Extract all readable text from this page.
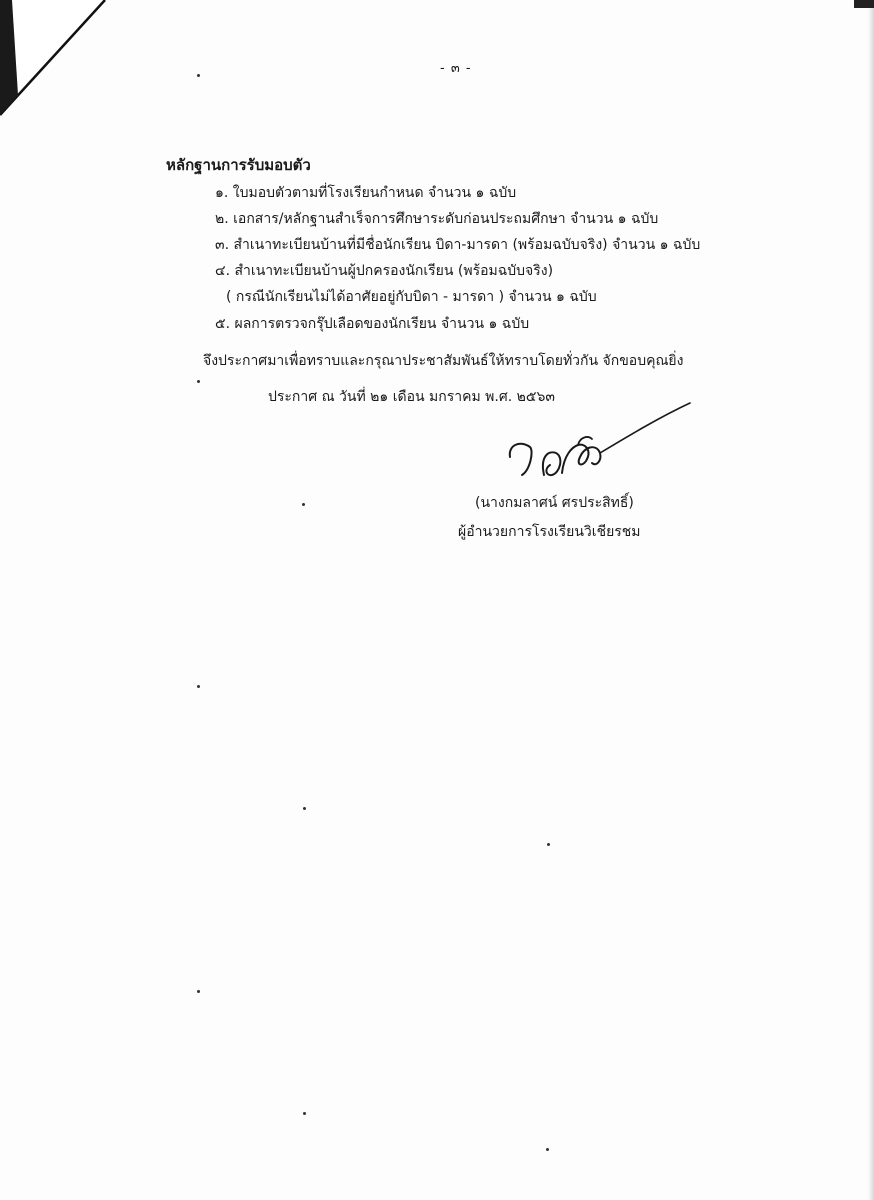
- ๓ -
หลักฐานการรับมอบตัว
๑. ใบมอบตัวตามที่โรงเรียนกำหนด จำนวน ๑ ฉบับ
๒. เอกสาร/หลักฐานสำเร็จการศึกษาระดับก่อนประถมศึกษา จำนวน ๑ ฉบับ
๓. สำเนาทะเบียนบ้านที่มีชื่อนักเรียน บิดา-มารดา (พร้อมฉบับจริง) จำนวน ๑ ฉบับ
๔. สำเนาทะเบียนบ้านผู้ปกครองนักเรียน (พร้อมฉบับจริง)
( กรณีนักเรียนไม่ได้อาศัยอยู่กับบิดา - มารดา ) จำนวน ๑ ฉบับ
๕. ผลการตรวจกรุ๊ปเลือดของนักเรียน จำนวน ๑ ฉบับ
จึงประกาศมาเพื่อทราบและกรุณาประชาสัมพันธ์ให้ทราบโดยทั่วกัน จักขอบคุณยิ่ง
ประกาศ ณ วันที่ ๒๑ เดือน มกราคม พ.ศ. ๒๕๖๓
(นางกมลาศน์ ศรประสิทธิ์)
ผู้อำนวยการโรงเรียนวิเชียรชม
